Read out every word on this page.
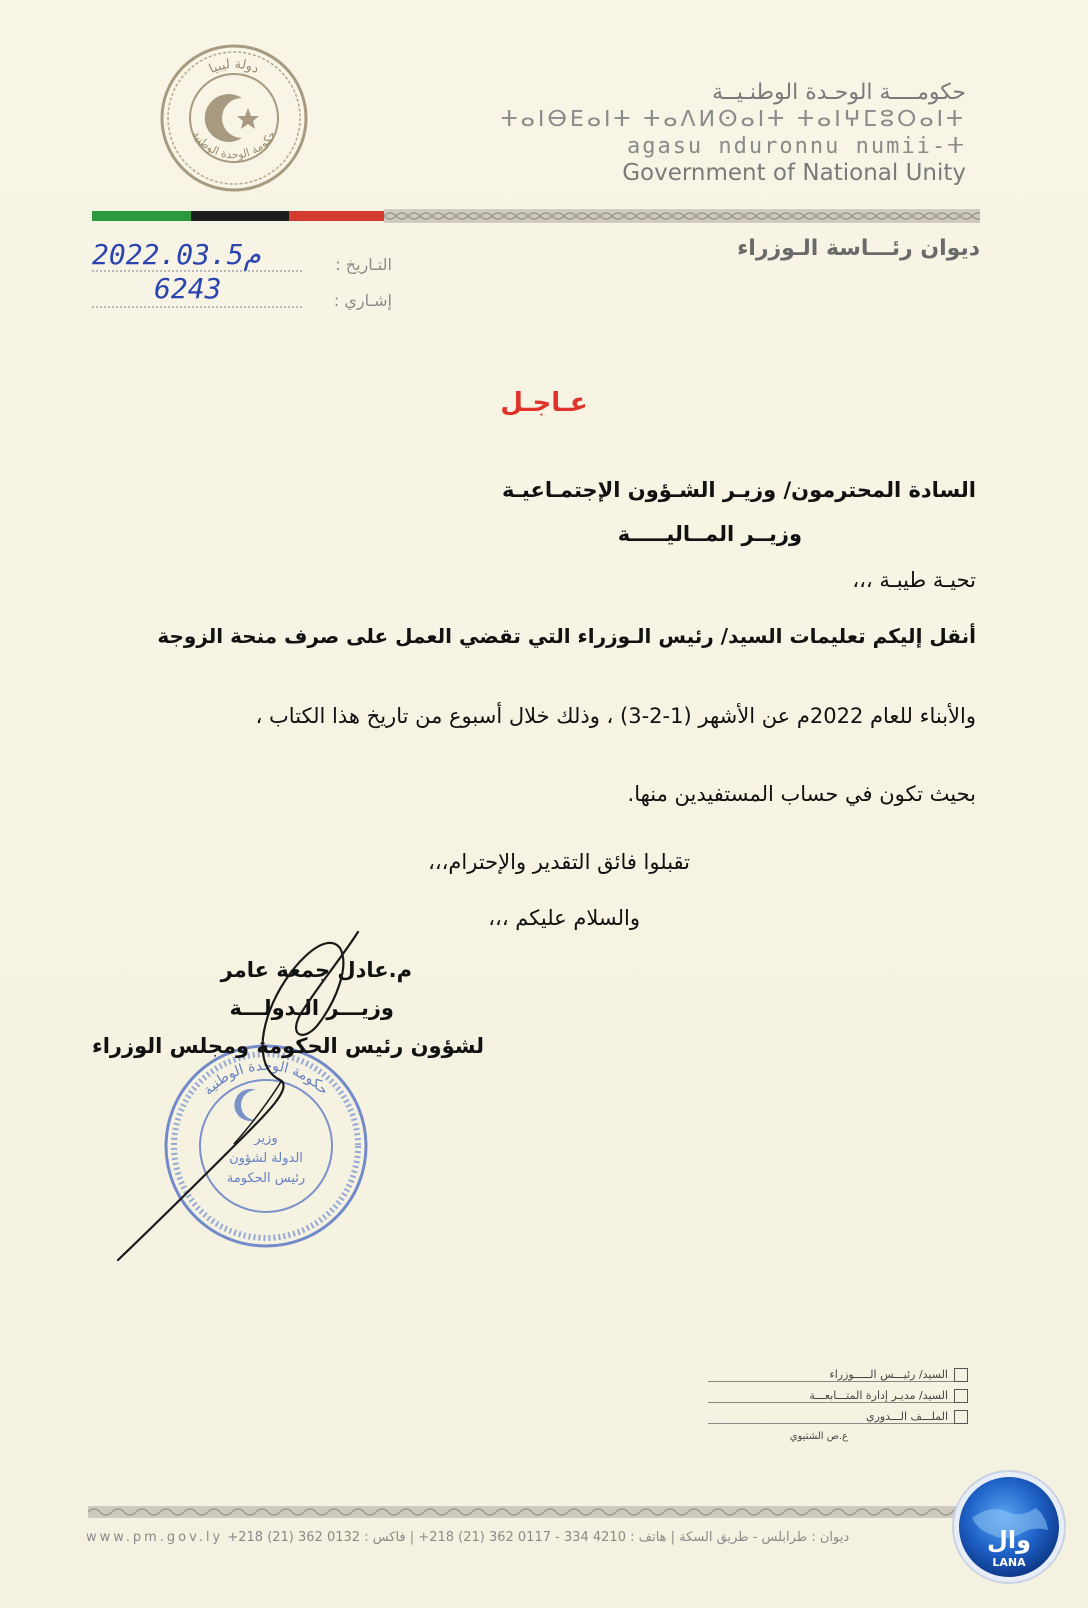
دولة ليبيا
حكومة الوحدة الوطنية
حكومــــة الوحـدة الوطنـيــة
ⵜⴰⵏⴱⴹⴰⵏⵜ ⵜⴰⴷⵍⵙⴰⵏⵜ ⵜⴰⵏⵖⵎⵓⵔⴰⵏⵜ
agasu nduronnu numii-ⵜ
Government of National Unity
ديوان رئـــاسة الـوزراء
التـاريخ :
2022.03.5م
إشـاري :
6243
عـاجـل
السادة المحترمون/ وزيـر الشـؤون الإجتمـاعيـة
وزيــر المــاليـــــة
تحيـة طيبـة ،،،
أنقل إليكم تعليمات السيد/ رئيس الـوزراء التي تقضي العمل على صرف منحة الزوجة
والأبناء للعام 2022م عن الأشهر (1-2-3) ، وذلك خلال أسبوع من تاريخ هذا الكتاب ،
بحيث تكون في حساب المستفيدين منها.
تقبلوا فائق التقدير والإحترام،،،
والسلام عليكم ،،،
حكومة الوحدة الوطنية
وزير
الدولة لشؤون
رئيس الحكومة
م.عادل جمعة عامر
وزيـــر الـدولـــة
لشؤون رئيس الحكومة ومجلس الوزراء
السيد/ رئيـــس الـــــوزراء
السيد/ مديـر إدارة المتـــابعـــة
الملـــف الـــدوري
ع.ص الشتيوي
www.pm.gov.ly +218 (21) 362 0132 فاكس : | +218 (21) 362 0117 - 334 4210 هاتف : | ديوان : طرابلس - طريق السكة	وال
LANA
